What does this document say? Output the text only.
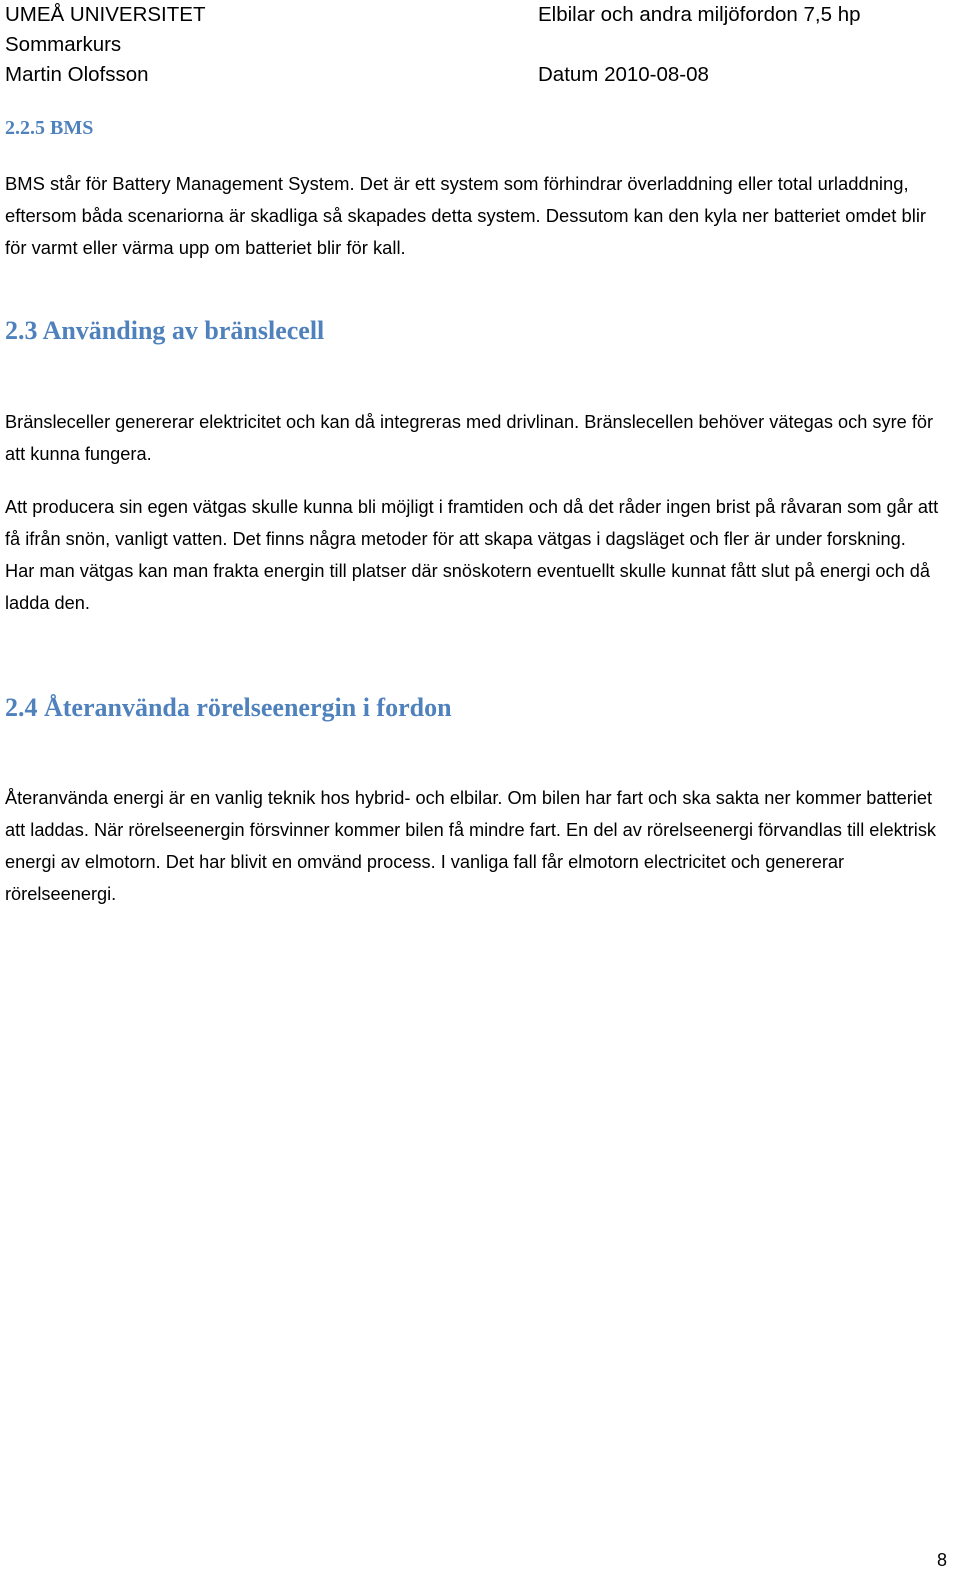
UMEÅ UNIVERSITET	Elbilar och andra miljöfordon 7,5 hp
Sommarkurs
Martin Olofsson	Datum 2010-08-08
2.2.5 BMS
BMS står för Battery Management System. Det är ett system som förhindrar överladdning eller total urladdning, eftersom båda scenariorna är skadliga så skapades detta system. Dessutom kan den kyla ner batteriet omdet blir för varmt eller värma upp om batteriet blir för kall.
2.3 Använding av bränslecell
Bränsleceller genererar elektricitet och kan då integreras med drivlinan. Bränslecellen behöver vätegas och syre för att kunna fungera.
Att producera sin egen vätgas skulle kunna bli möjligt i framtiden och då det råder ingen brist på råvaran som går att få ifrån snön, vanligt vatten. Det finns några metoder för att skapa vätgas i dagsläget och fler är under forskning. Har man vätgas kan man frakta energin till platser där snöskotern eventuellt skulle kunnat fått slut på energi och då ladda den.
2.4 Återanvända rörelseenergin i fordon
Återanvända energi är en vanlig teknik hos hybrid- och elbilar. Om bilen har fart och ska sakta ner kommer batteriet att laddas. När rörelseenergin försvinner kommer bilen få mindre fart. En del av rörelseenergi förvandlas till elektrisk energi av elmotorn. Det har blivit en omvänd process. I vanliga fall får elmotorn electricitet och genererar rörelseenergi.
8
